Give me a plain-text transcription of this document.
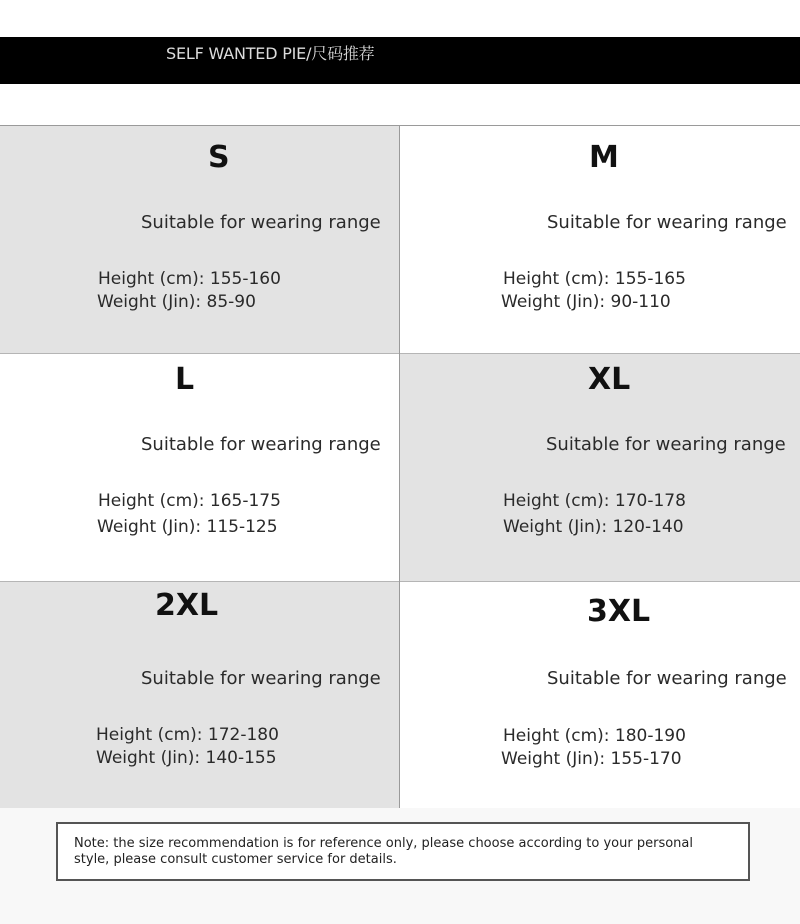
SELF WANTED PIE/尺码推荐
S
Suitable for wearing range
Height (cm): 155-160
Weight (Jin): 85-90
M
Suitable for wearing range
Height (cm): 155-165
Weight (Jin): 90-110
L
Suitable for wearing range
Height (cm): 165-175
Weight (Jin): 115-125
XL
Suitable for wearing range
Height (cm): 170-178
Weight (Jin): 120-140
2XL
Suitable for wearing range
Height (cm): 172-180
Weight (Jin): 140-155
3XL
Suitable for wearing range
Height (cm): 180-190
Weight (Jin): 155-170
Note: the size recommendation is for reference only, please choose according to your personal style, please consult customer service for details.
